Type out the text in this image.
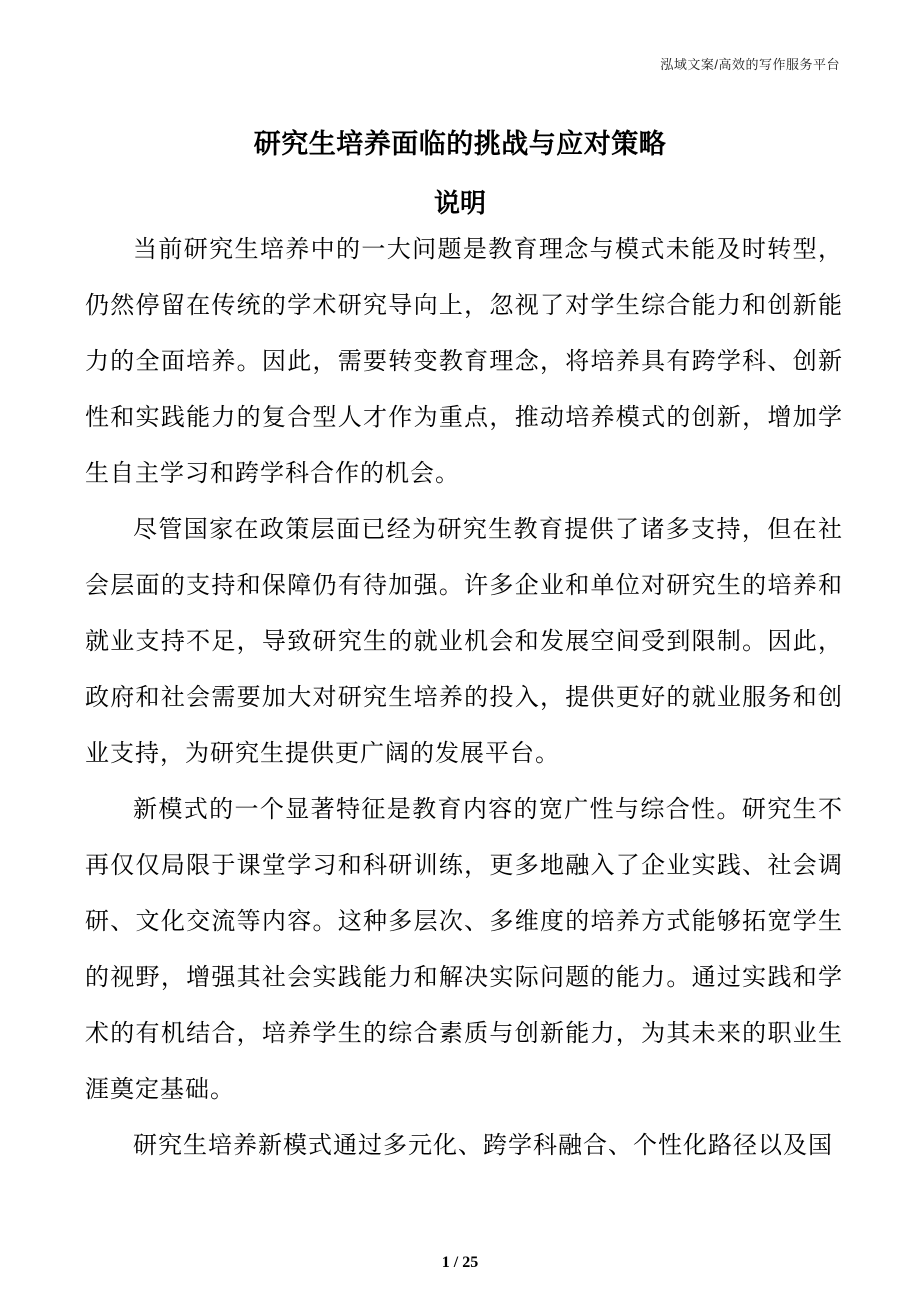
泓域文案/高效的写作服务平台
研究生培养面临的挑战与应对策略
说明

当前研究生培养中的一大问题是教育理念与模式未能及时转型，仍然停留在传统的学术研究导向上，忽视了对学生综合能力和创新能力的全面培养。因此，需要转变教育理念，将培养具有跨学科、创新性和实践能力的复合型人才作为重点，推动培养模式的创新，增加学生自主学习和跨学科合作的机会。

尽管国家在政策层面已经为研究生教育提供了诸多支持，但在社会层面的支持和保障仍有待加强。许多企业和单位对研究生的培养和就业支持不足，导致研究生的就业机会和发展空间受到限制。因此，政府和社会需要加大对研究生培养的投入，提供更好的就业服务和创业支持，为研究生提供更广阔的发展平台。

新模式的一个显著特征是教育内容的宽广性与综合性。研究生不再仅仅局限于课堂学习和科研训练，更多地融入了企业实践、社会调研、文化交流等内容。这种多层次、多维度的培养方式能够拓宽学生的视野，增强其社会实践能力和解决实际问题的能力。通过实践和学术的有机结合，培养学生的综合素质与创新能力，为其未来的职业生涯奠定基础。

研究生培养新模式通过多元化、跨学科融合、个性化路径以及国

1 / 25
